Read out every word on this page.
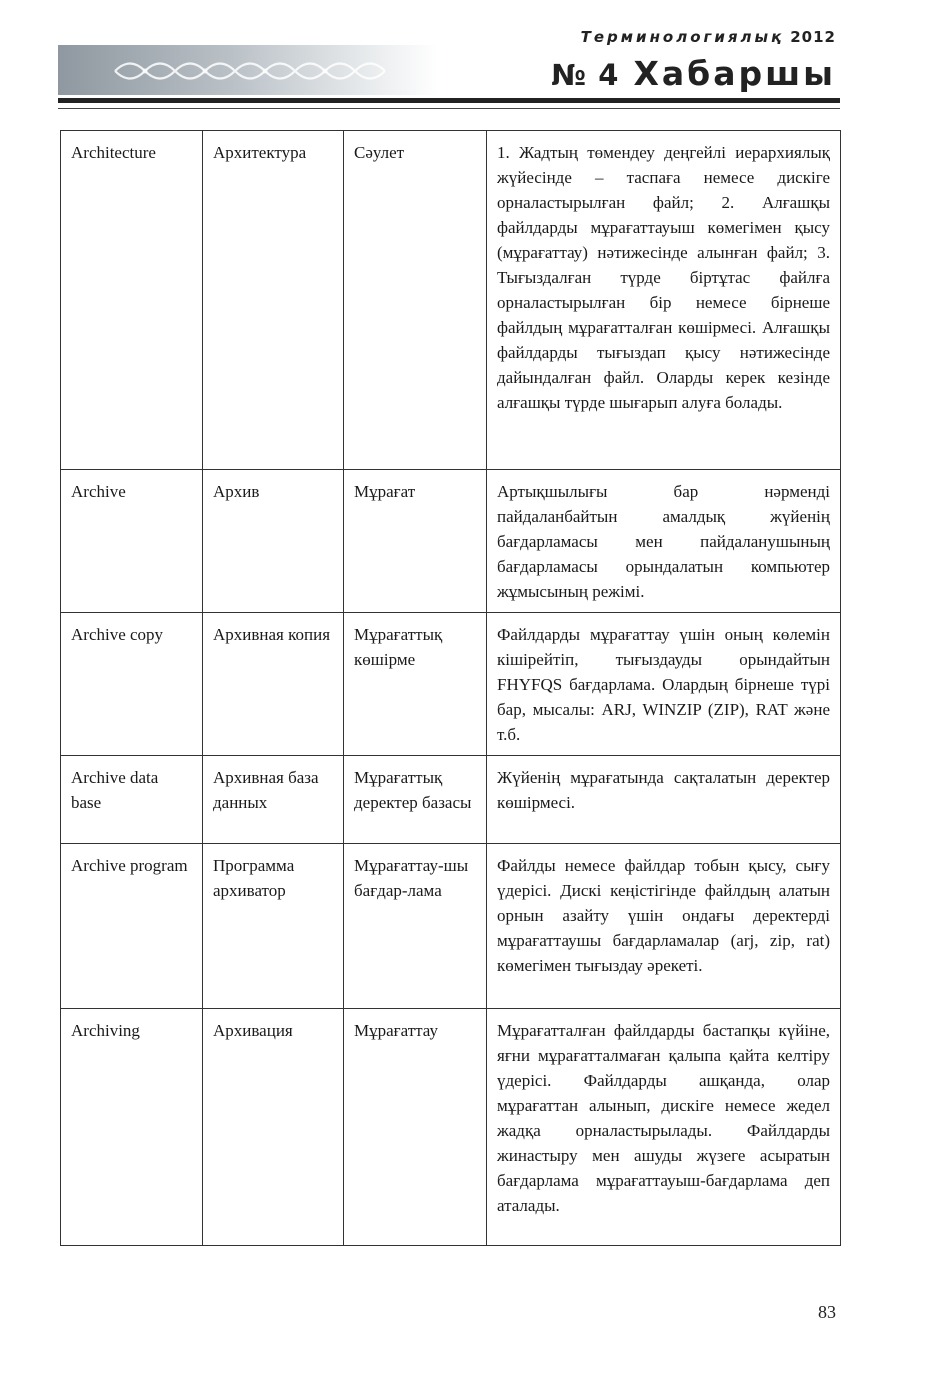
Терминологиялық 2012
№ 4 Хабаршы
Architecture	Архитектура	Сәулет	1. Жадтың төмендеу деңгейлі иерархиялық жүйесінде – таспаға немесе дискіге орналастырылған файл; 2. Алғашқы файлдарды мұрағаттауыш көмегімен қысу (мұрағаттау) нәтижесінде алынған файл; 3. Тығыздалған түрде біртұтас файлға орналастырылған бір немесе бірнеше файлдың мұрағатталған көшірмесі. Алғашқы файлдарды тығыздап қысу нәтижесінде дайындалған файл. Оларды керек кезінде алғашқы түрде шығарып алуға болады.
Archive	Архив	Мұрағат	Артықшылығы бар нәрменді пайдаланбайтын амалдық жүйенің бағдарламасы мен пайдаланушының бағдарламасы орындалатын компьютер жұмысының режімі.
Archive copy	Архивная копия	Мұрағаттық көшірме	Файлдарды мұрағаттау үшін оның көлемін кішірейтіп, тығыздауды орындайтын FHYFQS бағдарлама. Олардың бірнеше түрі бар, мысалы: ARJ, WINZIP (ZIP), RAT және т.б.
Archive data base	Архивная база данных	Мұрағаттық деректер базасы	Жүйенің мұрағатында сақталатын деректер көшірмесі.
Archive program	Программа архиватор	Мұрағаттау-шы бағдар-лама	Файлды немесе файлдар тобын қысу, сығу үдерісі. Дискі кеңістігінде файлдың алатын орнын азайту үшін ондағы деректерді мұрағаттаушы бағдарламалар (arj, zip, rat) көмегімен тығыздау әрекеті.
Archiving	Архивация	Мұрағаттау	Мұрағатталған файлдарды бастапқы күйіне, яғни мұрағатталмаған қалыпа қайта келтіру үдерісі. Файлдарды ашқанда, олар мұрағаттан алынып, дискіге немесе жедел жадқа орналастырылады. Файлдарды жинастыру мен ашуды жүзеге асыратын бағдарлама мұрағаттауыш-бағдарлама деп аталады.
83
